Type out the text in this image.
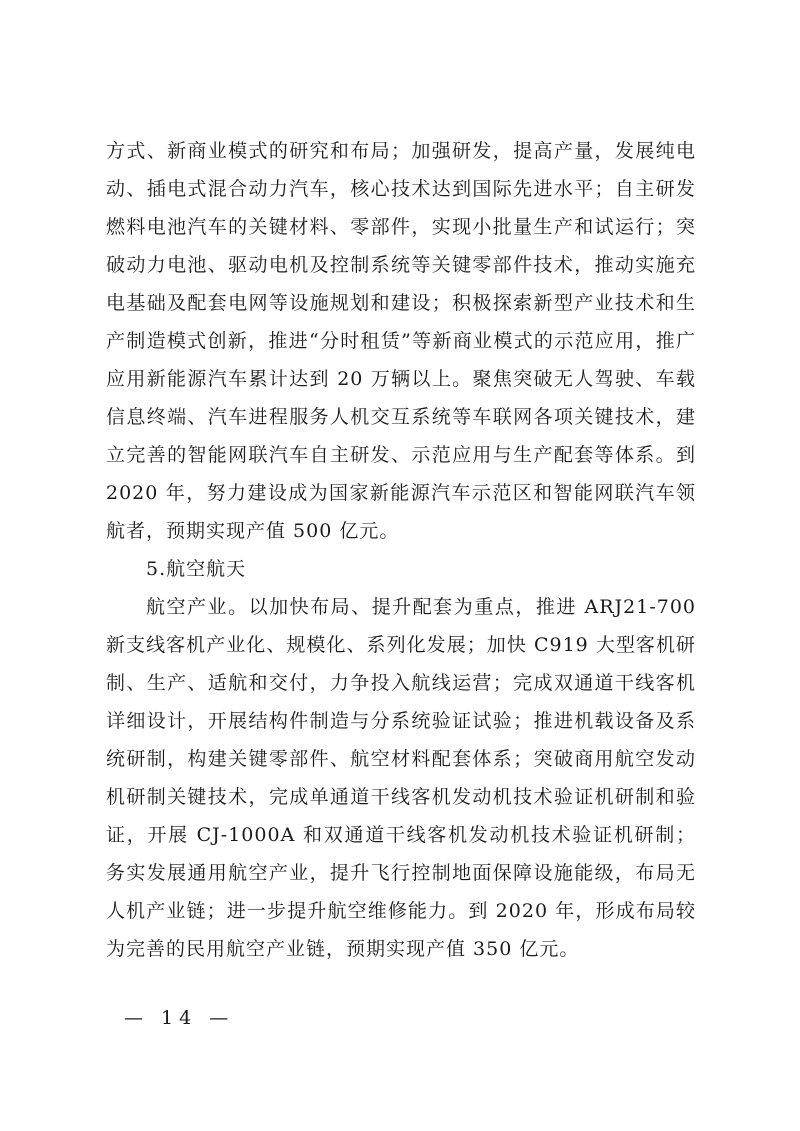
方式、新商业模式的研究和布局；加强研发，提高产量，发展纯电动、插电式混合动力汽车，核心技术达到国际先进水平；自主研发燃料电池汽车的关键材料、零部件，实现小批量生产和试运行；突破动力电池、驱动电机及控制系统等关键零部件技术，推动实施充电基础及配套电网等设施规划和建设；积极探索新型产业技术和生产制造模式创新，推进“分时租赁”等新商业模式的示范应用，推广应用新能源汽车累计达到 20 万辆以上。聚焦突破无人驾驶、车载信息终端、汽车进程服务人机交互系统等车联网各项关键技术，建立完善的智能网联汽车自主研发、示范应用与生产配套等体系。到 2020 年，努力建设成为国家新能源汽车示范区和智能网联汽车领航者，预期实现产值 500 亿元。

5.航空航天

航空产业。以加快布局、提升配套为重点，推进 ARJ21-700 新支线客机产业化、规模化、系列化发展；加快 C919 大型客机研制、生产、适航和交付，力争投入航线运营；完成双通道干线客机详细设计，开展结构件制造与分系统验证试验；推进机载设备及系统研制，构建关键零部件、航空材料配套体系；突破商用航空发动机研制关键技术，完成单通道干线客机发动机技术验证机研制和验证，开展 CJ-1000A 和双通道干线客机发动机技术验证机研制；务实发展通用航空产业，提升飞行控制地面保障设施能级，布局无人机产业链；进一步提升航空维修能力。到 2020 年，形成布局较为完善的民用航空产业链，预期实现产值 350 亿元。

— 14 —
